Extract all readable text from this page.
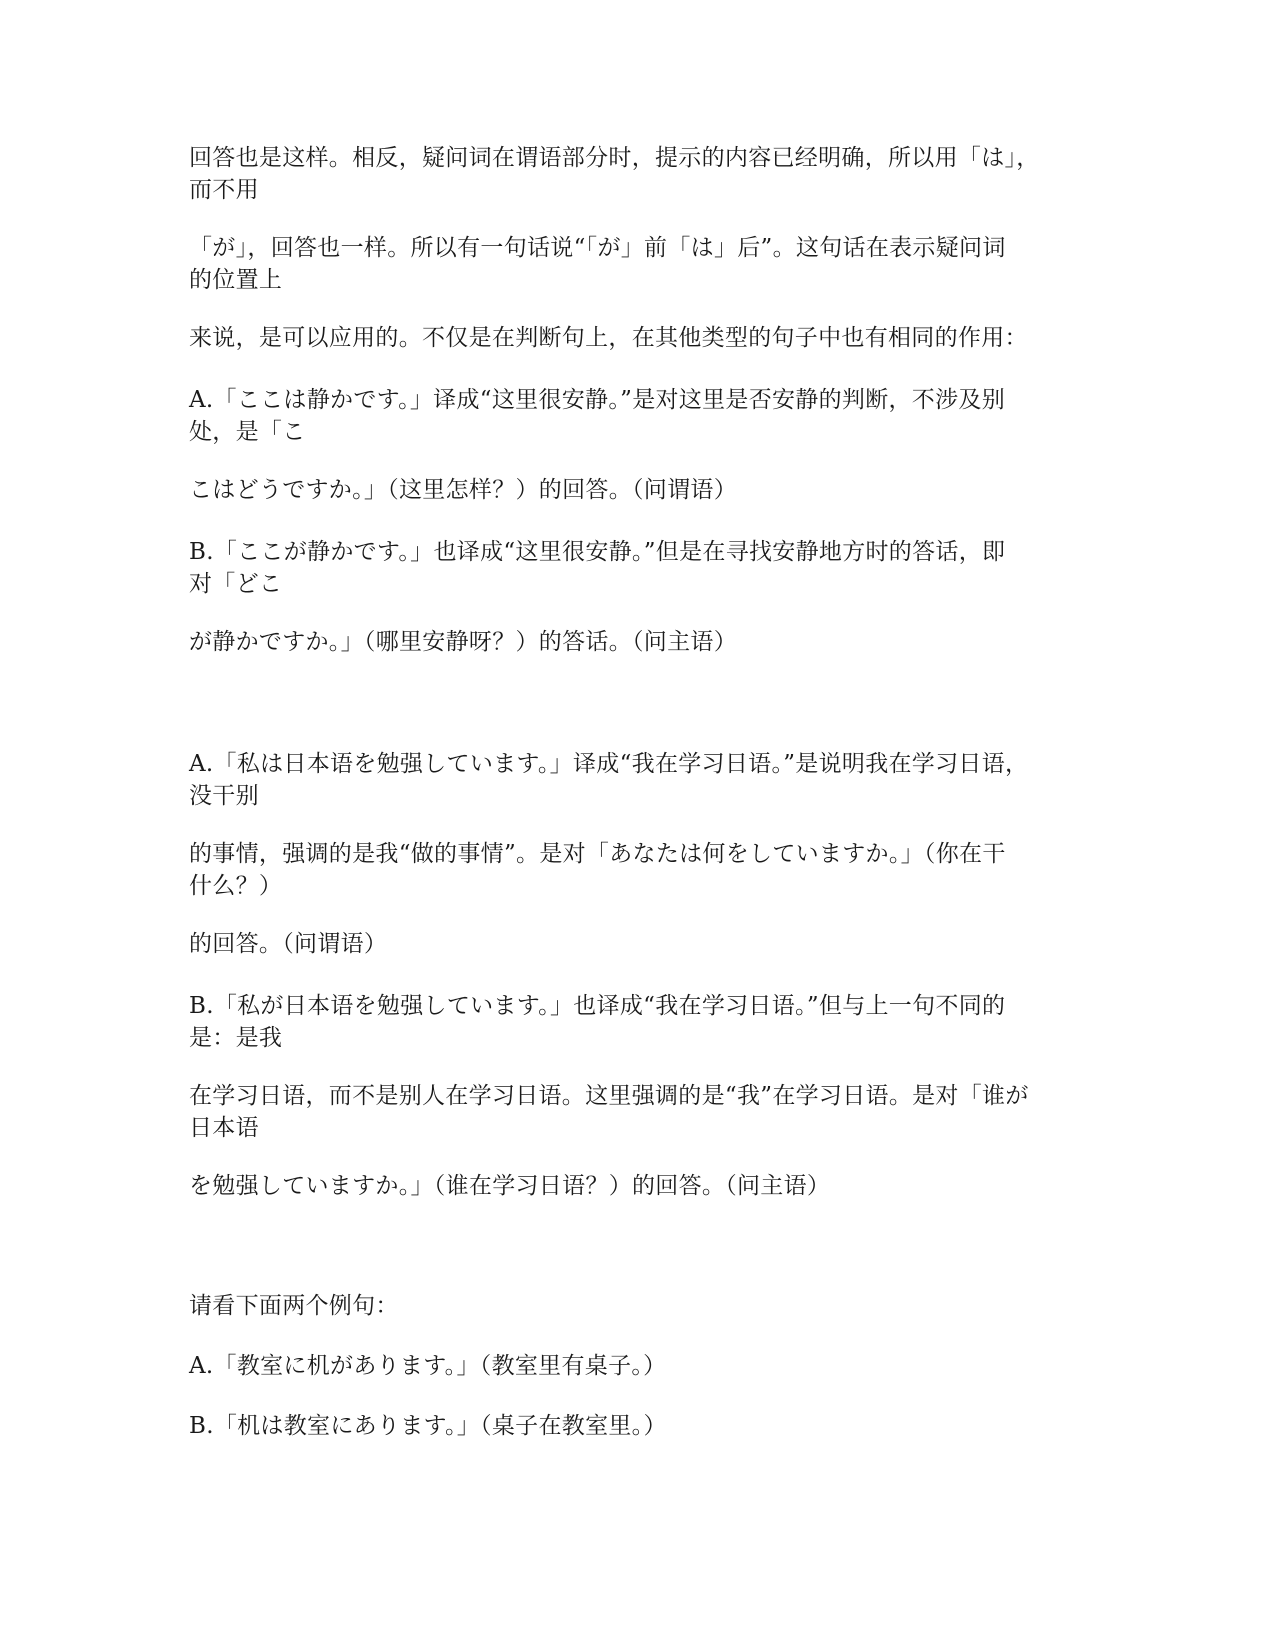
回答也是这样。相反，疑问词在谓语部分时，提示的内容已经明确，所以用「は」，
而不用
「が」，回答也一样。所以有一句话说“「が」前「は」后”。这句话在表示疑问词
的位置上
来说，是可以应用的。不仅是在判断句上，在其他类型的句子中也有相同的作用：
A.「ここは静かです。」译成“这里很安静。”是对这里是否安静的判断，不涉及别
处，是「こ
こはどうですか。」（这里怎样？）的回答。（问谓语）
B.「ここが静かです。」也译成“这里很安静。”但是在寻找安静地方时的答话，即
对「どこ
が静かですか。」（哪里安静呀？）的答话。（问主语）
A.「私は日本语を勉强しています。」译成“我在学习日语。”是说明我在学习日语，
没干别
的事情，强调的是我“做的事情”。是对「あなたは何をしていますか。」（你在干
什么？）
的回答。（问谓语）
B.「私が日本语を勉强しています。」也译成“我在学习日语。”但与上一句不同的
是：是我
在学习日语，而不是别人在学习日语。这里强调的是“我”在学习日语。是对「谁が
日本语
を勉强していますか。」（谁在学习日语？）的回答。（问主语）
请看下面两个例句：
A.「教室に机があります。」（教室里有桌子。）
B.「机は教室にあります。」（桌子在教室里。）
